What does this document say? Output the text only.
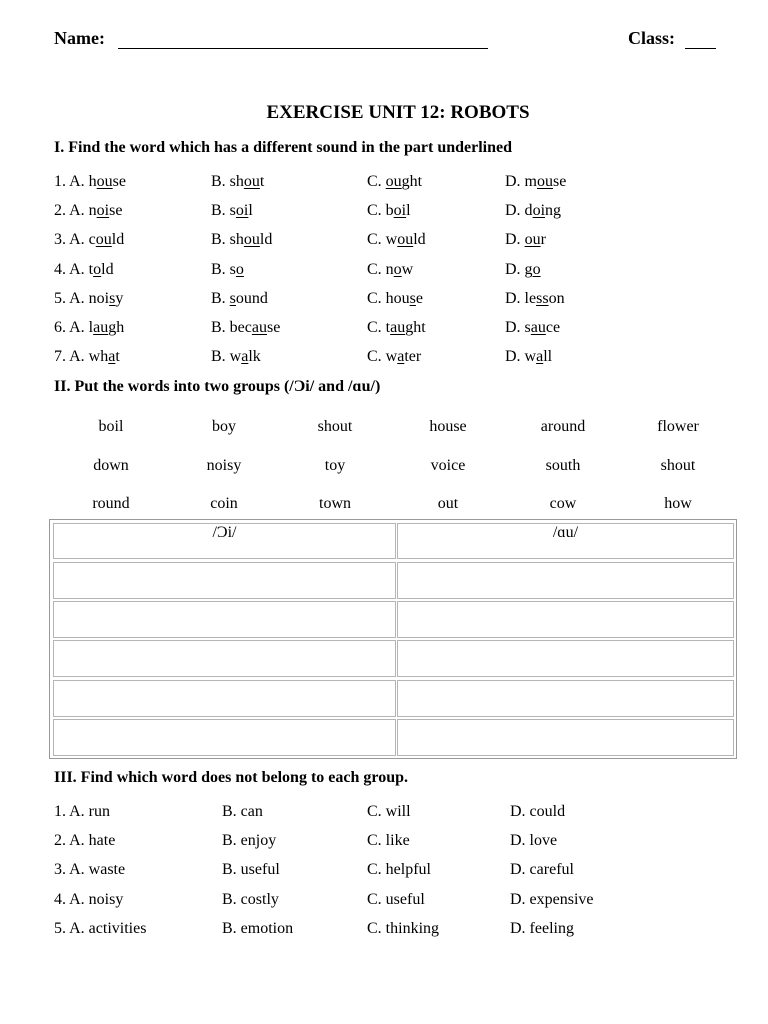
Name:	Class:
EXERCISE UNIT 12: ROBOTS
I. Find the word which has a different sound in the part underlined
1. A. house	B. shout	C. ought	D. mouse
2. A. noise	B. soil	C. boil	D. doing
3. A. could	B. should	C. would	D. our
4. A. told	B. so	C. now	D. go
5. A. noisy	B. sound	C. house	D. lesson
6. A. laugh	B. because	C. taught	D. sauce
7. A. what	B. walk	C. water	D. wall
II. Put the words into two groups (/Ɔi/ and /ɑu/)
boil	boy	shout	house	around	flower
down	noisy	toy	voice	south	shout
round	coin	town	out	cow	how
/Ɔi/	/ɑu/
III. Find which word does not belong to each group.
1. A. run	B. can	C. will	D. could
2. A. hate	B. enjoy	C. like	D. love
3. A. waste	B. useful	C. helpful	D. careful
4. A. noisy	B. costly	C. useful	D. expensive
5. A. activities	B. emotion	C. thinking	D. feeling
